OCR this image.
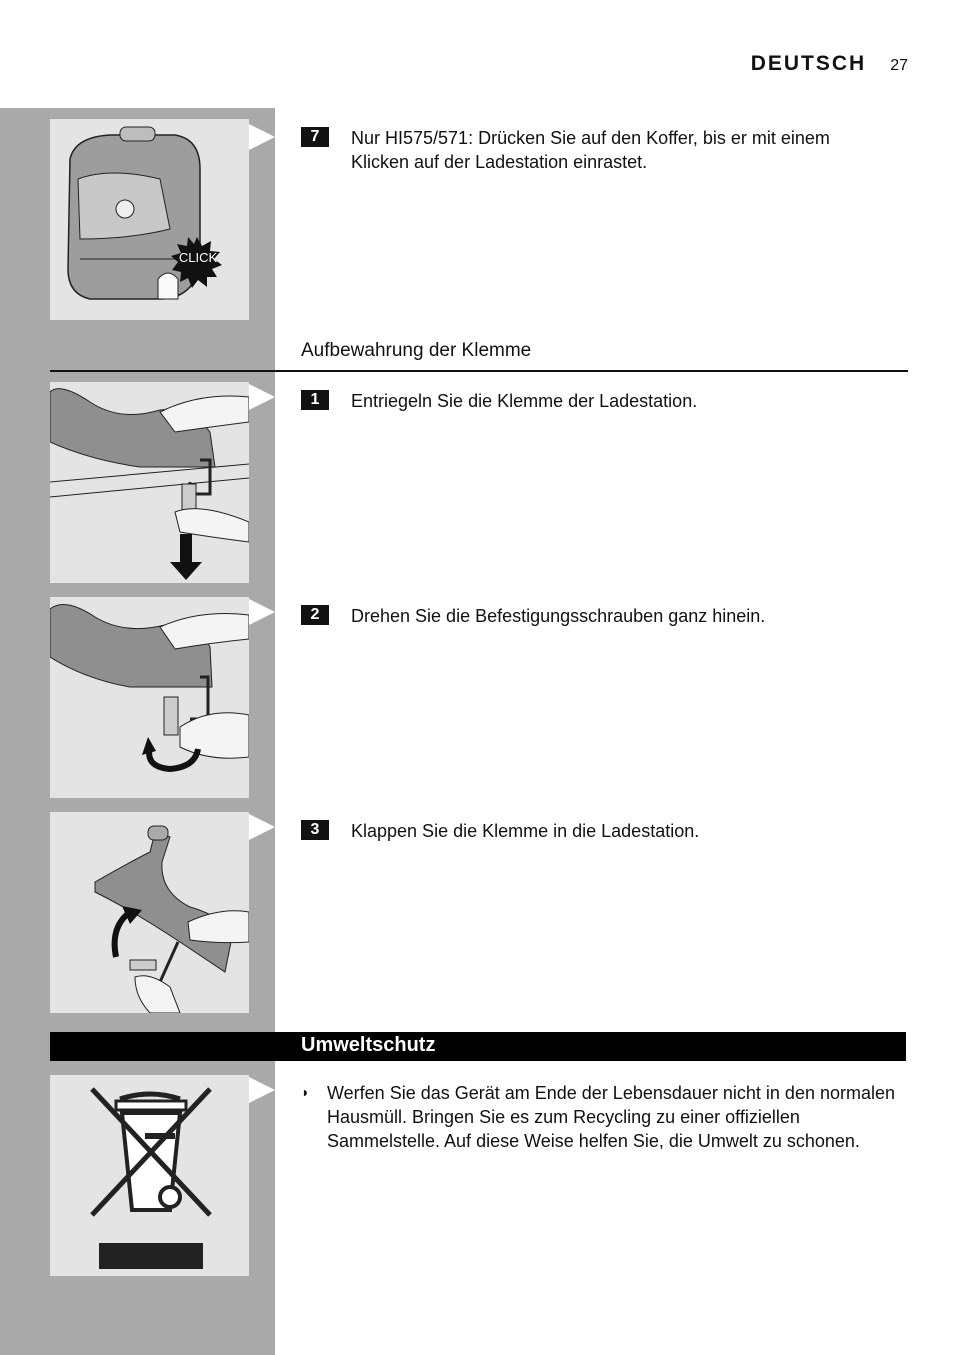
DEUTSCH 27
CLICK
7	Nur HI575/571: Drücken Sie auf den Koffer, bis er mit einem Klicken auf der Ladestation einrastet.
Aufbewahrung der Klemme
1	Entriegeln Sie die Klemme der Ladestation.
2	Drehen Sie die Befestigungsschrauben ganz hinein.
3	Klappen Sie die Klemme in die Ladestation.
Umweltschutz
◗ Werfen Sie das Gerät am Ende der Lebensdauer nicht in den normalen Hausmüll. Bringen Sie es zum Recycling zu einer offiziellen Sammelstelle. Auf diese Weise helfen Sie, die Umwelt zu schonen.
